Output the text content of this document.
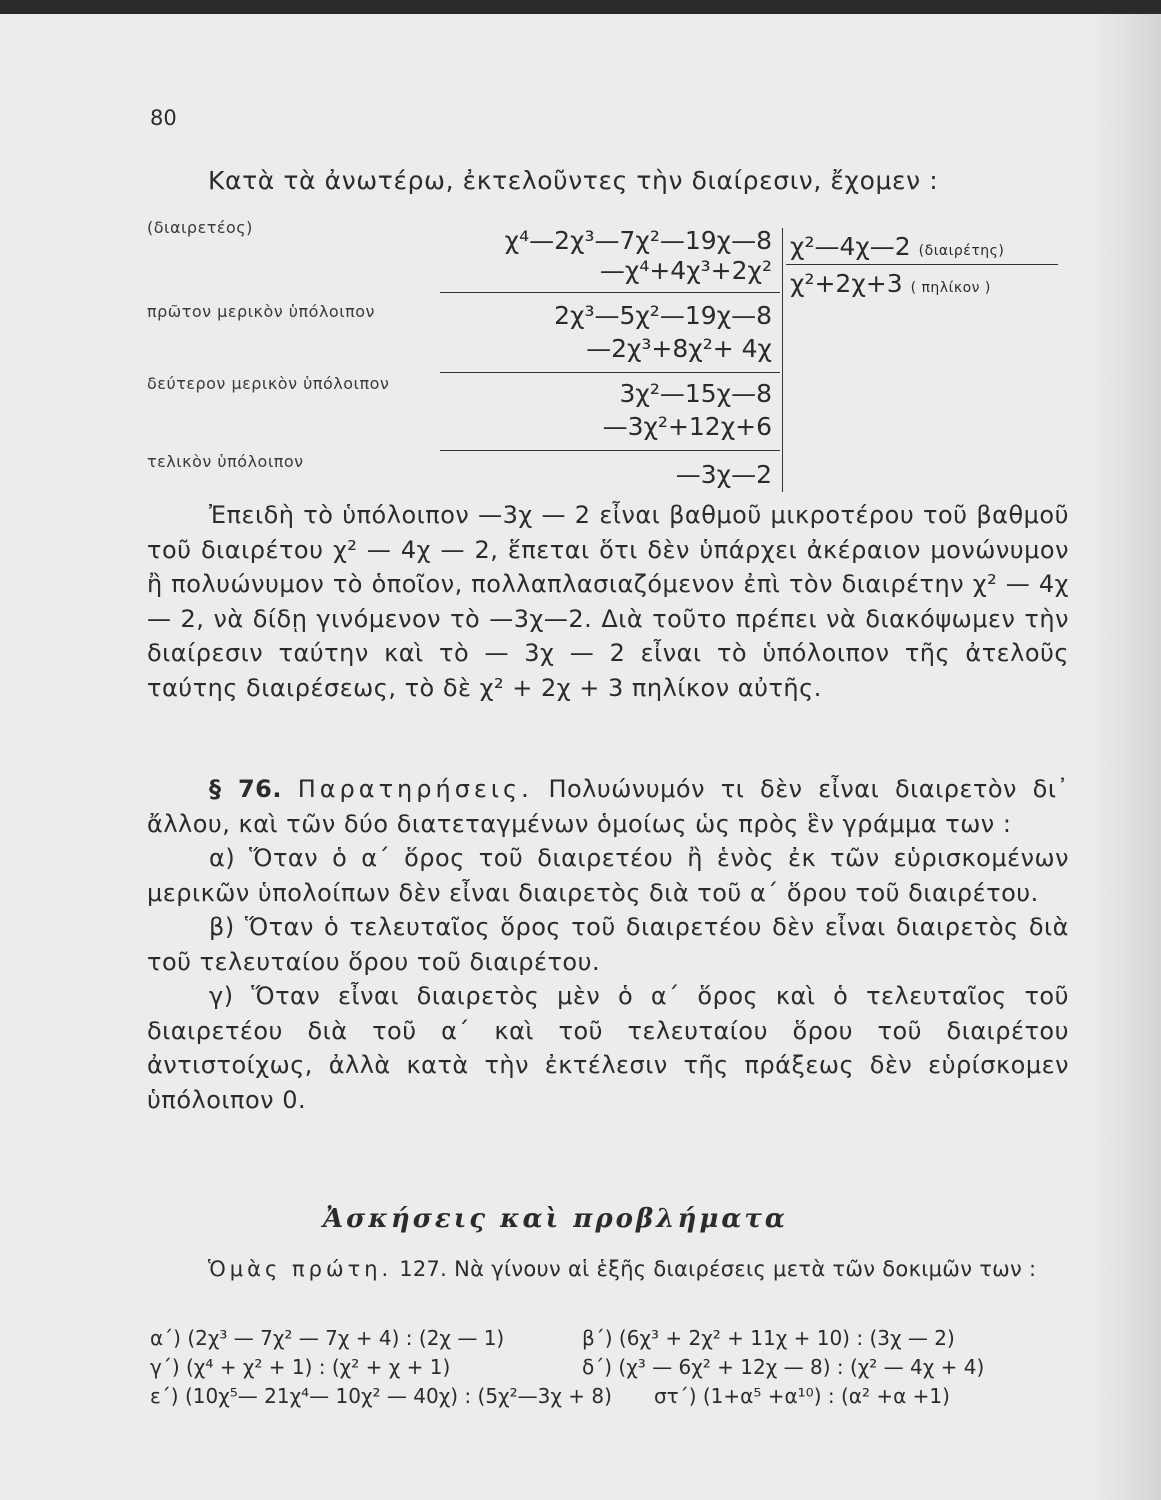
80
Κατὰ τὰ ἀνωτέρω, ἐκτελοῦντες τὴν διαίρεσιν, ἔχομεν :
(διαιρετέος)
πρῶτον μερικὸν ὑπόλοιπον
δεύτερον μερικὸν ὑπόλοιπον
τελικὸν ὑπόλοιπον
χ⁴—2χ³—7χ²—19χ—8
—χ⁴+4χ³+2χ²
2χ³—5χ²—19χ—8
—2χ³+8χ²+ 4χ
3χ²—15χ—8
—3χ²+12χ+6
—3χ—2
χ²—4χ—2 (διαιρέτης)
χ²+2χ+3 ( πηλίκον )

Ἐπειδὴ τὸ ὑπόλοιπον —3χ — 2 εἶναι βαθμοῦ μικροτέρου τοῦ βαθμοῦ τοῦ διαιρέτου χ² — 4χ — 2, ἕπεται ὅτι δὲν ὑπάρχει ἀκέραιον μονώνυμον ἢ πολυώνυμον τὸ ὁποῖον, πολλαπλασιαζόμενον ἐπὶ τὸν διαιρέτην χ² — 4χ — 2, νὰ δίδῃ γινόμενον τὸ —3χ—2. Διὰ τοῦτο πρέπει νὰ διακόψωμεν τὴν διαίρεσιν ταύτην καὶ τὸ — 3χ — 2 εἶναι τὸ ὑπόλοιπον τῆς ἀτελοῦς ταύτης διαιρέσεως, τὸ δὲ χ² + 2χ + 3 πηλίκον αὐτῆς.

§ 76. Παρατηρήσεις. Πολυώνυμόν τι δὲν εἶναι διαιρετὸν δι᾽ ἄλλου, καὶ τῶν δύο διατεταγμένων ὁμοίως ὡς πρὸς ἓν γράμμα των :

α) Ὅταν ὁ α΄ ὅρος τοῦ διαιρετέου ἢ ἑνὸς ἐκ τῶν εὑρισκομένων μερικῶν ὑπολοίπων δὲν εἶναι διαιρετὸς διὰ τοῦ α΄ ὅρου τοῦ διαιρέτου.

β) Ὅταν ὁ τελευταῖος ὅρος τοῦ διαιρετέου δὲν εἶναι διαιρετὸς διὰ τοῦ τελευταίου ὅρου τοῦ διαιρέτου.

γ) Ὅταν εἶναι διαιρετὸς μὲν ὁ α΄ ὅρος καὶ ὁ τελευταῖος τοῦ διαιρετέου διὰ τοῦ α΄ καὶ τοῦ τελευταίου ὅρου τοῦ διαιρέτου ἀντιστοίχως, ἀλλὰ κατὰ τὴν ἐκτέλεσιν τῆς πράξεως δὲν εὑρίσκομεν ὑπόλοιπον 0.

Ἀσκήσεις καὶ προβλήματα
Ὁμὰς πρώτη. 127. Νὰ γίνουν αἱ ἑξῆς διαιρέσεις μετὰ τῶν δοκιμῶν των :
α΄) (2χ³ — 7χ² — 7χ + 4) : (2χ — 1)	β΄) (6χ³ + 2χ² + 11χ + 10) : (3χ — 2)
γ΄) (χ⁴ + χ² + 1) : (χ² + χ + 1)	δ΄) (χ³ — 6χ² + 12χ — 8) : (χ² — 4χ + 4)
ε΄) (10χ⁵— 21χ⁴— 10χ² — 40χ) : (5χ²—3χ + 8) στ΄) (1+α⁵ +α¹⁰) : (α² +α +1)
